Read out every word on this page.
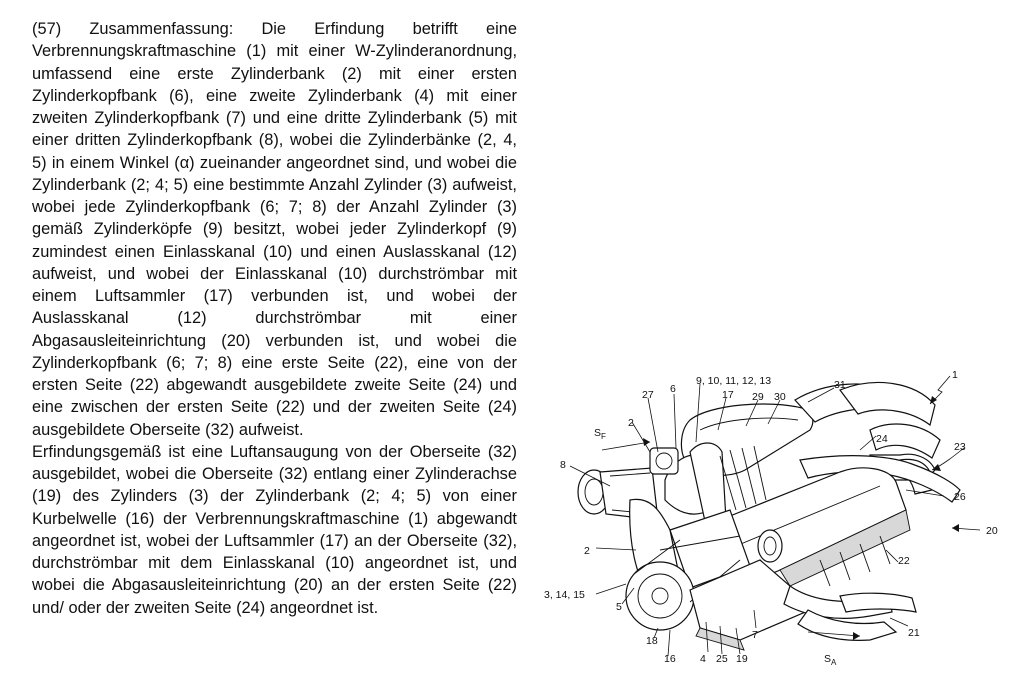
(57) Zusammenfassung: Die Erfindung betrifft eine Verbrennungskraftmaschine (1) mit einer W-Zylinderanordnung, umfassend eine erste Zylinderbank (2) mit einer ersten Zylinderkopfbank (6), eine zweite Zylinderbank (4) mit einer zweiten Zylinderkopfbank (7) und eine dritte Zylinderbank (5) mit einer dritten Zylinderkopfbank (8), wobei die Zylinderbänke (2, 4, 5) in einem Winkel (α) zueinander angeordnet sind, und wobei die Zylinderbank (2; 4; 5) eine bestimmte Anzahl Zylinder (3) aufweist, wobei jede Zylinderkopfbank (6; 7; 8) der Anzahl Zylinder (3) gemäß Zylinderköpfe (9) besitzt, wobei jeder Zylinderkopf (9) zumindest einen Einlasskanal (10) und einen Auslasskanal (12) aufweist, und wobei der Einlasskanal (10) durchströmbar mit einem Luftsammler (17) verbunden ist, und wobei der Auslasskanal (12) durchströmbar mit einer Abgasausleiteinrichtung (20) verbunden ist, und wobei die Zylinderkopfbank (6; 7; 8) eine erste Seite (22), eine von der ersten Seite (22) abgewandt ausgebildete zweite Seite (24) und eine zwischen der ersten Seite (22) und der zweiten Seite (24) ausgebildete Oberseite (32) aufweist.

Erfindungsgemäß ist eine Luftansaugung von der Oberseite (32) ausgebildet, wobei die Oberseite (32) entlang einer Zylinderachse (19) des Zylinders (3) der Zylinderbank (2; 4; 5) von einer Kurbelwelle (16) der Verbrennungskraftmaschine (1) abgewandt angeordnet ist, wobei der Luftsammler (17) an der Oberseite (32), durchströmbar mit dem Einlasskanal (10) angeordnet ist, und wobei die Abgasausleiteinrichtung (20) an der ersten Seite (22) und/ oder der zweiten Seite (24) angeordnet ist.

1
2
2
3, 14, 15
4
5
6
7
8
9, 10, 11, 12, 13
16
17
18
19
20
21
22
23
24
25
26
27	29 30
31
$S_F$
$S_A$
